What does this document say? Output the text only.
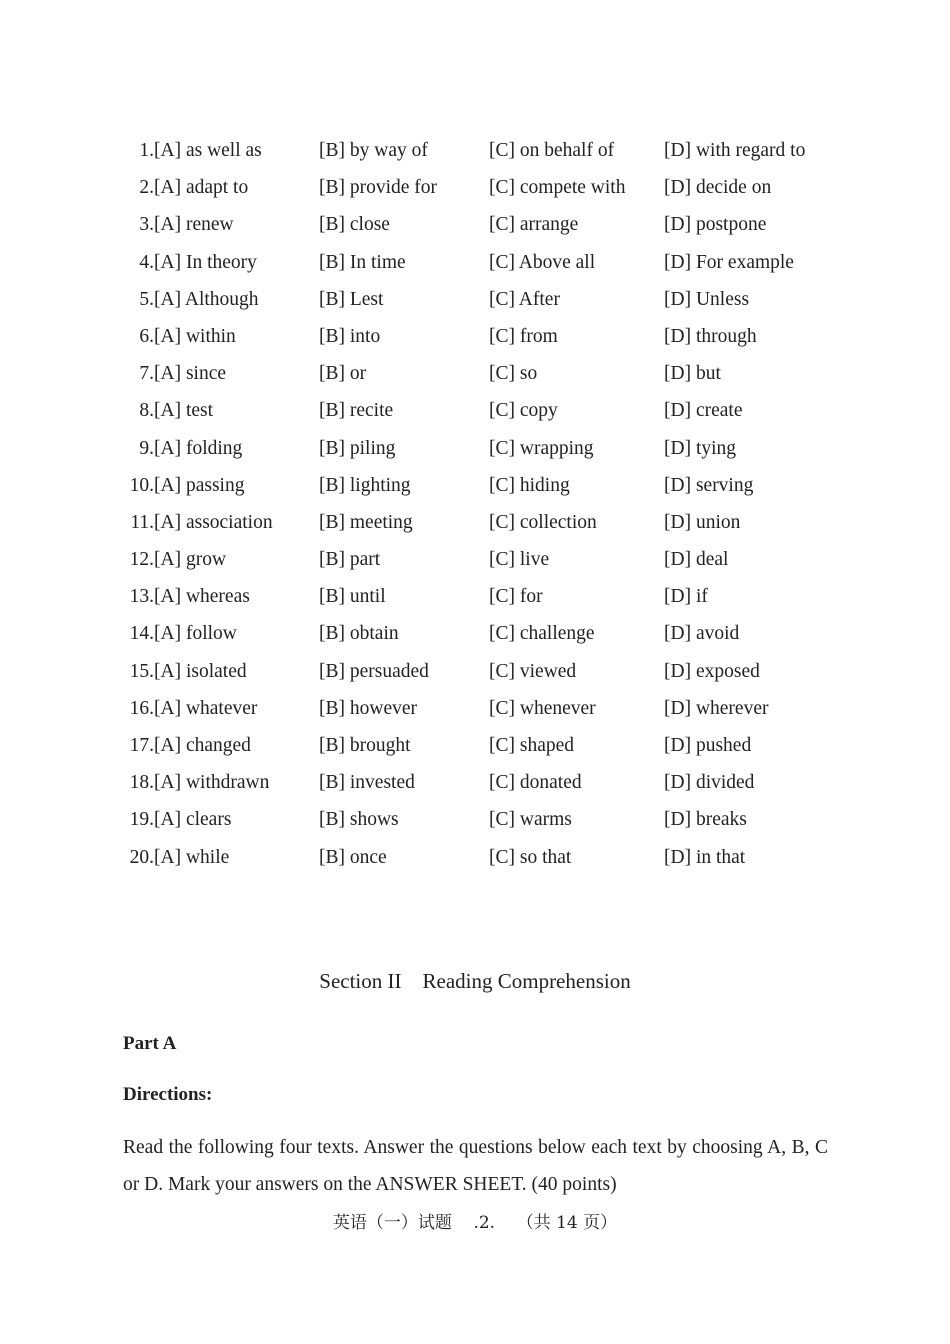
1. [A] as well as	[B] by way of	[C] on behalf of	[D] with regard to
2. [A] adapt to	[B] provide for	[C] compete with [D] decide on
3. [A] renew	[B] close	[C] arrange	[D] postpone
4. [A] In theory	[B] In time	[C] Above all	[D] For example
5. [A] Although	[B] Lest	[C] After	[D] Unless
6. [A] within	[B] into	[C] from	[D] through
7. [A] since	[B] or	[C] so	[D] but
8. [A] test	[B] recite	[C] copy	[D] create
9. [A] folding	[B] piling	[C] wrapping	[D] tying
10. [A] passing	[B] lighting	[C] hiding	[D] serving
11. [A] association [B] meeting	[C] collection	[D] union
12. [A] grow	[B] part	[C] live	[D] deal
13. [A] whereas	[B] until	[C] for	[D] if
14. [A] follow	[B] obtain	[C] challenge	[D] avoid
15. [A] isolated	[B] persuaded	[C] viewed	[D] exposed
16. [A] whatever	[B] however	[C] whenever	[D] wherever
17. [A] changed	[B] brought	[C] shaped	[D] pushed
18. [A] withdrawn	[B] invested	[C] donated	[D] divided
19. [A] clears	[B] shows	[C] warms	[D] breaks
20. [A] while	[B] once	[C] so that	[D] in that
Section II    Reading Comprehension
Part A
Directions:
Read the following four texts. Answer the questions below each text by choosing A, B, C or D. Mark your answers on the ANSWER SHEET. (40 points)
英语（一）试题    .2.    （共 14 页）
